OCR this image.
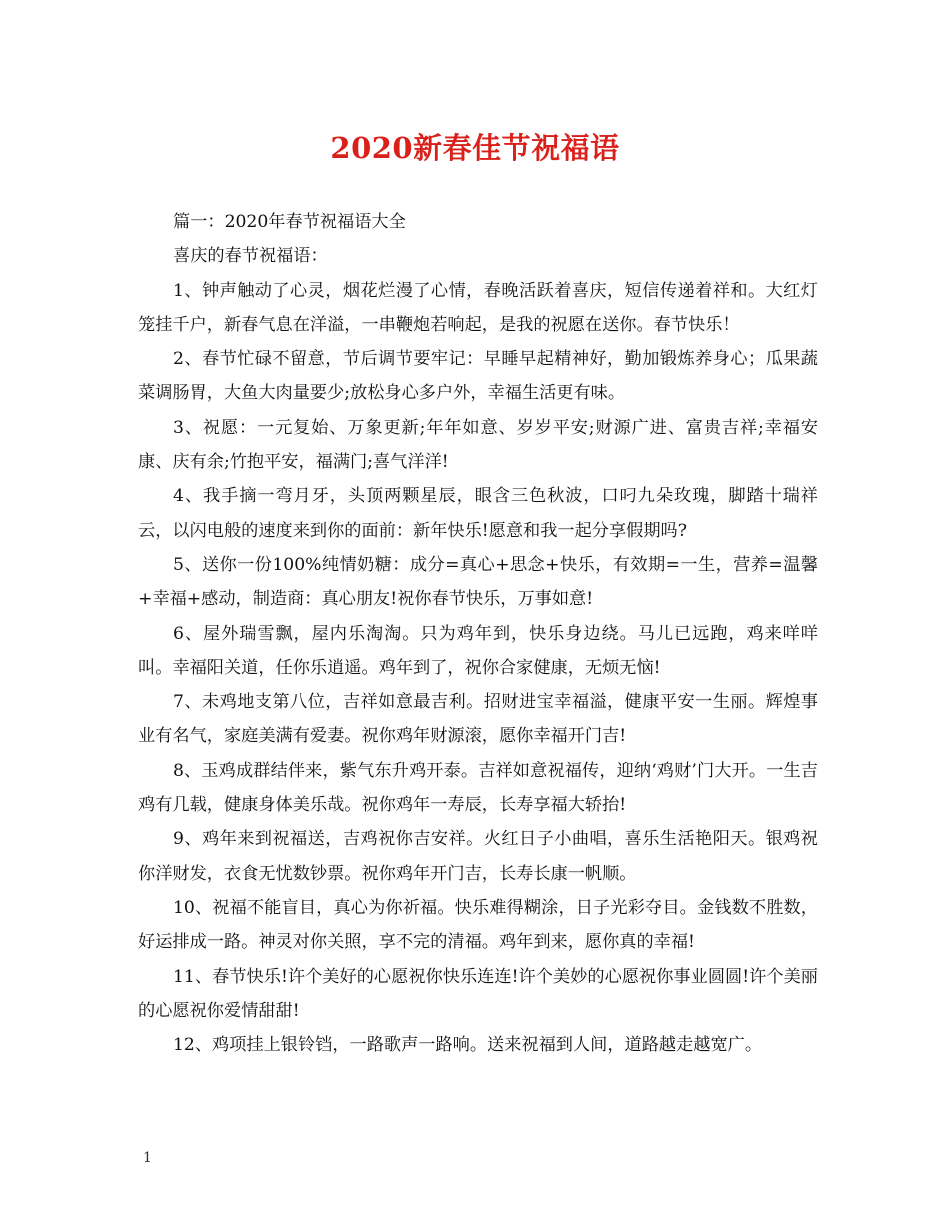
2020新春佳节祝福语

篇一：2020年春节祝福语大全

喜庆的春节祝福语：

1、钟声触动了心灵，烟花烂漫了心情，春晚活跃着喜庆，短信传递着祥和。大红灯笼挂千户，新春气息在洋溢，一串鞭炮若响起，是我的祝愿在送你。春节快乐！

2、春节忙碌不留意，节后调节要牢记：早睡早起精神好，勤加锻炼养身心；瓜果蔬菜调肠胃，大鱼大肉量要少;放松身心多户外，幸福生活更有味。

3、祝愿：一元复始、万象更新;年年如意、岁岁平安;财源广进、富贵吉祥;幸福安康、庆有余;竹抱平安，福满门;喜气洋洋!

4、我手摘一弯月牙，头顶两颗星辰，眼含三色秋波，口叼九朵玫瑰，脚踏十瑞祥云，以闪电般的速度来到你的面前：新年快乐!愿意和我一起分享假期吗?

5、送你一份100%纯情奶糖：成分=真心+思念+快乐，有效期=一生，营养=温馨+幸福+感动，制造商：真心朋友!祝你春节快乐，万事如意!

6、屋外瑞雪飘，屋内乐淘淘。只为鸡年到，快乐身边绕。马儿已远跑，鸡来咩咩叫。幸福阳关道，任你乐逍遥。鸡年到了，祝你合家健康，无烦无恼!

7、未鸡地支第八位，吉祥如意最吉利。招财进宝幸福溢，健康平安一生丽。辉煌事业有名气，家庭美满有爱妻。祝你鸡年财源滚，愿你幸福开门吉!

8、玉鸡成群结伴来，紫气东升鸡开泰。吉祥如意祝福传，迎纳‘鸡财’门大开。一生吉鸡有几载，健康身体美乐哉。祝你鸡年一寿辰，长寿享福大轿抬!

9、鸡年来到祝福送，吉鸡祝你吉安祥。火红日子小曲唱，喜乐生活艳阳天。银鸡祝你洋财发，衣食无忧数钞票。祝你鸡年开门吉，长寿长康一帆顺。

10、祝福不能盲目，真心为你祈福。快乐难得糊涂，日子光彩夺目。金钱数不胜数，好运排成一路。神灵对你关照，享不完的清福。鸡年到来，愿你真的幸福!

11、春节快乐!许个美好的心愿祝你快乐连连!许个美妙的心愿祝你事业圆圆!许个美丽的心愿祝你爱情甜甜!

12、鸡项挂上银铃铛，一路歌声一路响。送来祝福到人间，道路越走越宽广。

1
